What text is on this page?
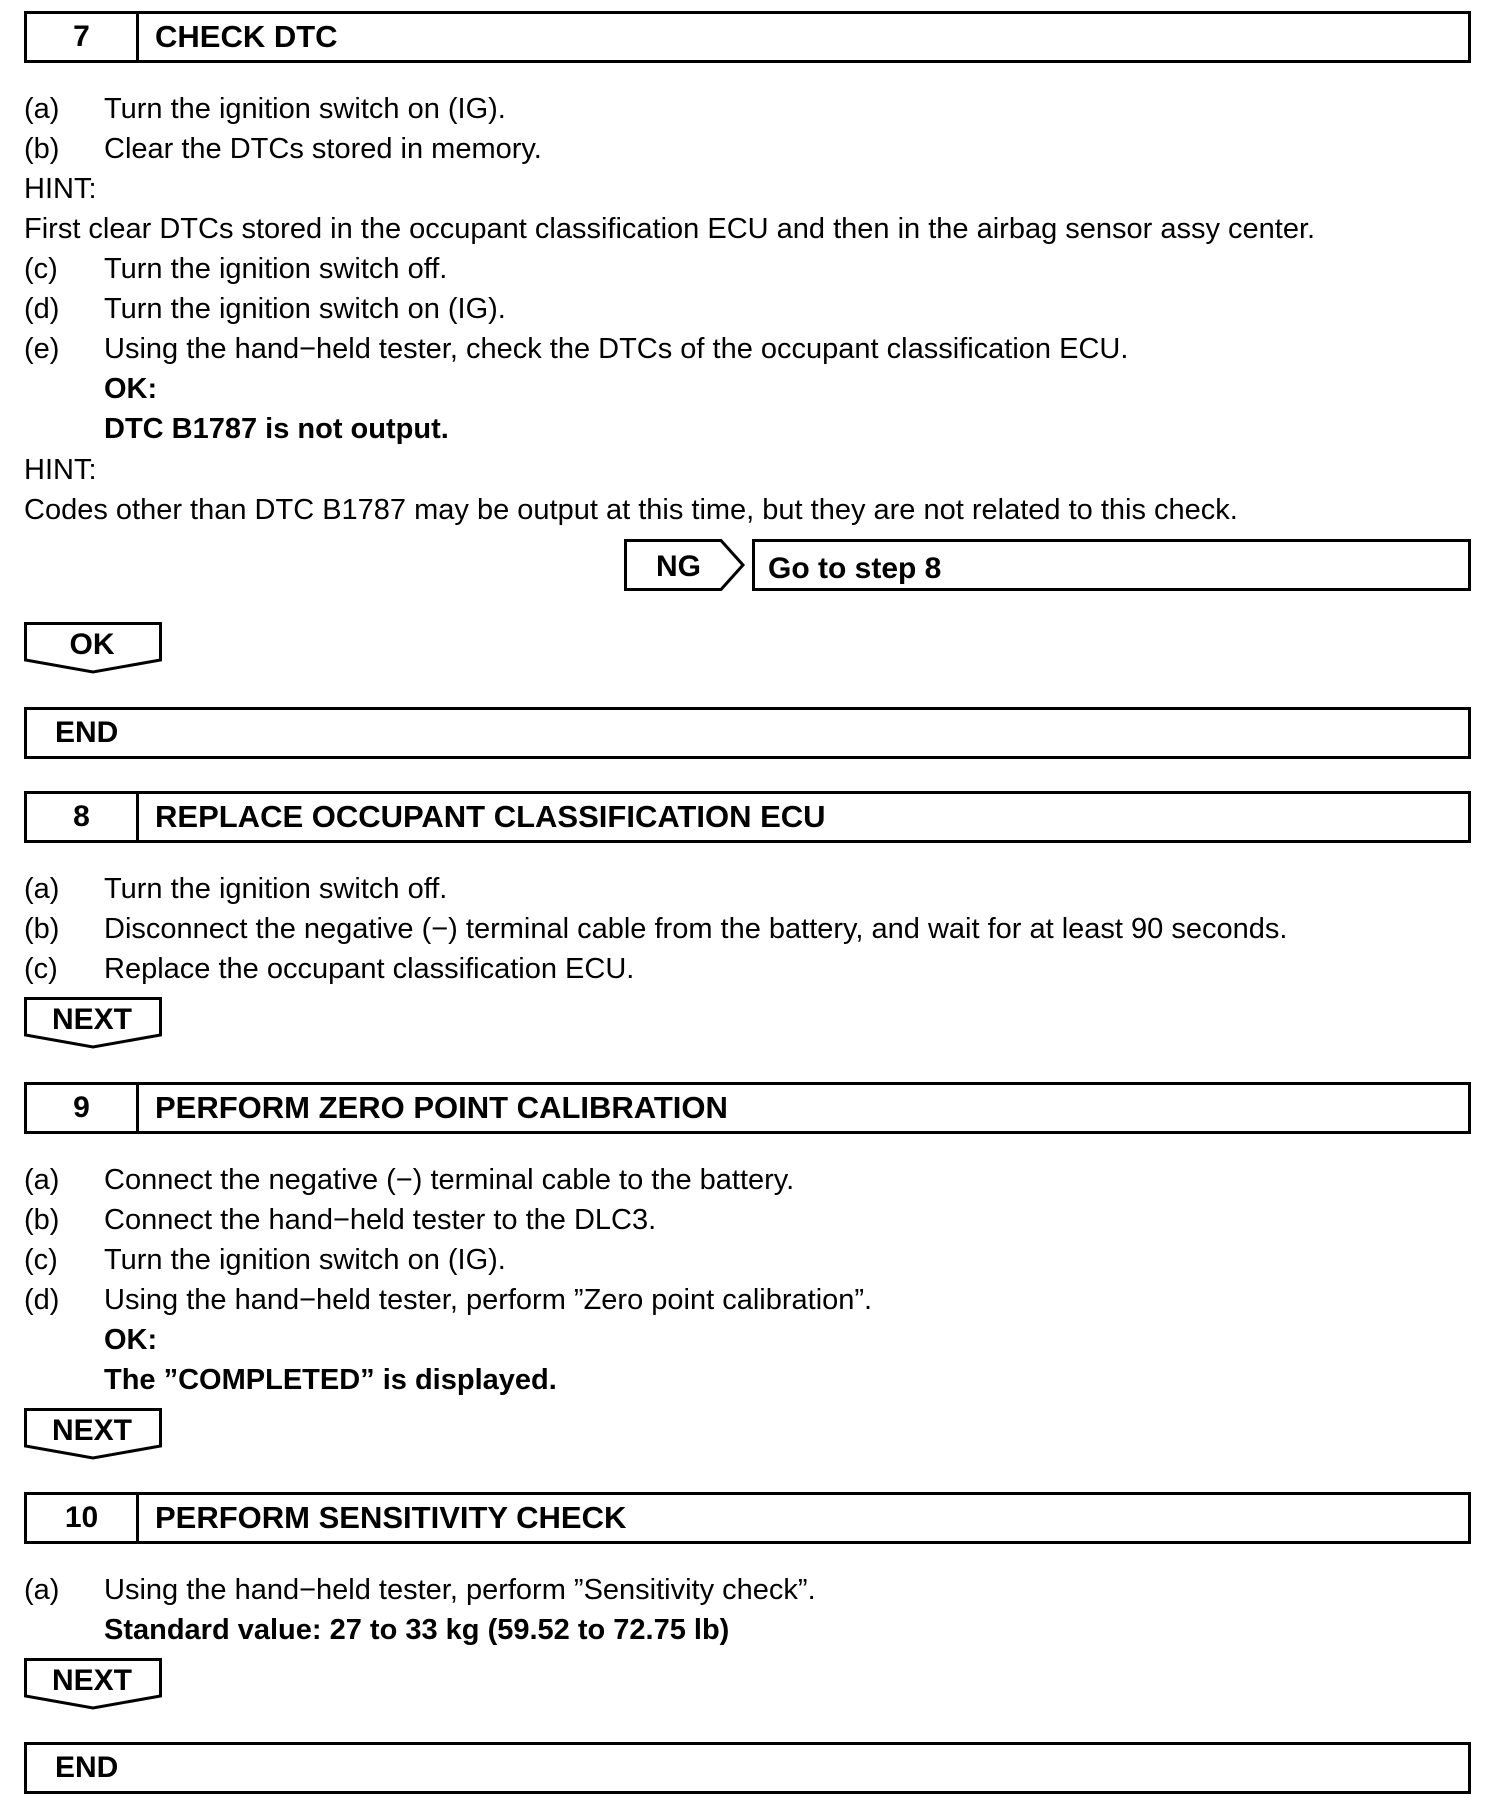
7	CHECK DTC
(a) Turn the ignition switch on (IG).
(b) Clear the DTCs stored in memory.
HINT:
First clear DTCs stored in the occupant classification ECU and then in the airbag sensor assy center.
(c) Turn the ignition switch off.
(d) Turn the ignition switch on (IG).
(e) Using the hand−held tester, check the DTCs of the occupant classification ECU.
OK:
DTC B1787 is not output.
HINT:
Codes other than DTC B1787 may be output at this time, but they are not related to this check.
NG Go to step 8
OK
END
8	REPLACE OCCUPANT CLASSIFICATION ECU
(a) Turn the ignition switch off.
(b) Disconnect the negative (−) terminal cable from the battery, and wait for at least 90 seconds.
(c) Replace the occupant classification ECU.
NEXT
9	PERFORM ZERO POINT CALIBRATION
(a) Connect the negative (−) terminal cable to the battery.
(b) Connect the hand−held tester to the DLC3.
(c) Turn the ignition switch on (IG).
(d) Using the hand−held tester, perform ”Zero point calibration”.
OK:
The ”COMPLETED” is displayed.
NEXT
10	PERFORM SENSITIVITY CHECK
(a) Using the hand−held tester, perform ”Sensitivity check”.
Standard value: 27 to 33 kg (59.52 to 72.75 lb)
NEXT
END
